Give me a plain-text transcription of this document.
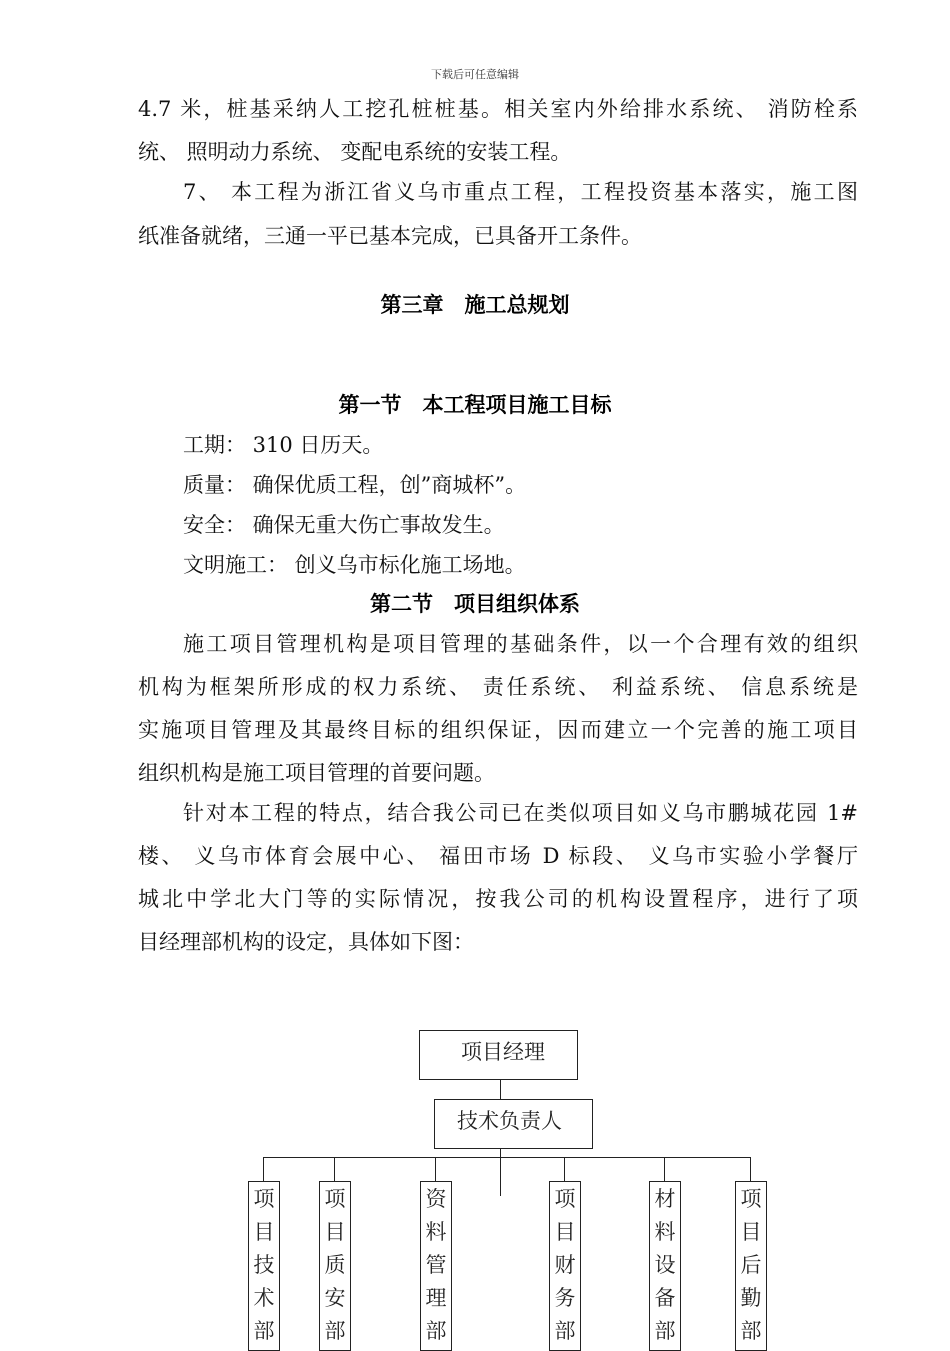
下载后可任意编辑
4.7 米，桩基采纳人工挖孔桩桩基。相关室内外给排水系统、 消防栓系
统、 照明动力系统、 变配电系统的安装工程。
7、 本工程为浙江省义乌市重点工程，工程投资基本落实，施工图
纸准备就绪，三通一平已基本完成，已具备开工条件。
第三章　施工总规划
第一节　本工程项目施工目标
工期： 310 日历天。
质量： 确保优质工程，创”商城杯”。
安全： 确保无重大伤亡事故发生。
文明施工： 创义乌市标化施工场地。
第二节　项目组织体系
施工项目管理机构是项目管理的基础条件，以一个合理有效的组织
机构为框架所形成的权力系统、 责任系统、 利益系统、 信息系统是
实施项目管理及其最终目标的组织保证，因而建立一个完善的施工项目
组织机构是施工项目管理的首要问题。
针对本工程的特点，结合我公司已在类似项目如义乌市鹏城花园 1#
楼、 义乌市体育会展中心、 福田市场 D 标段、 义乌市实验小学餐厅
城北中学北大门等的实际情况，按我公司的机构设置程序，进行了项
目经理部机构的设定，具体如下图：
项目经理
技术负责人
项
目
技
术
部
项
目
质
安
部
资
料
管
理
部
项
目
财
务
部
材
料
设
备
部
项
目
后
勤
部
